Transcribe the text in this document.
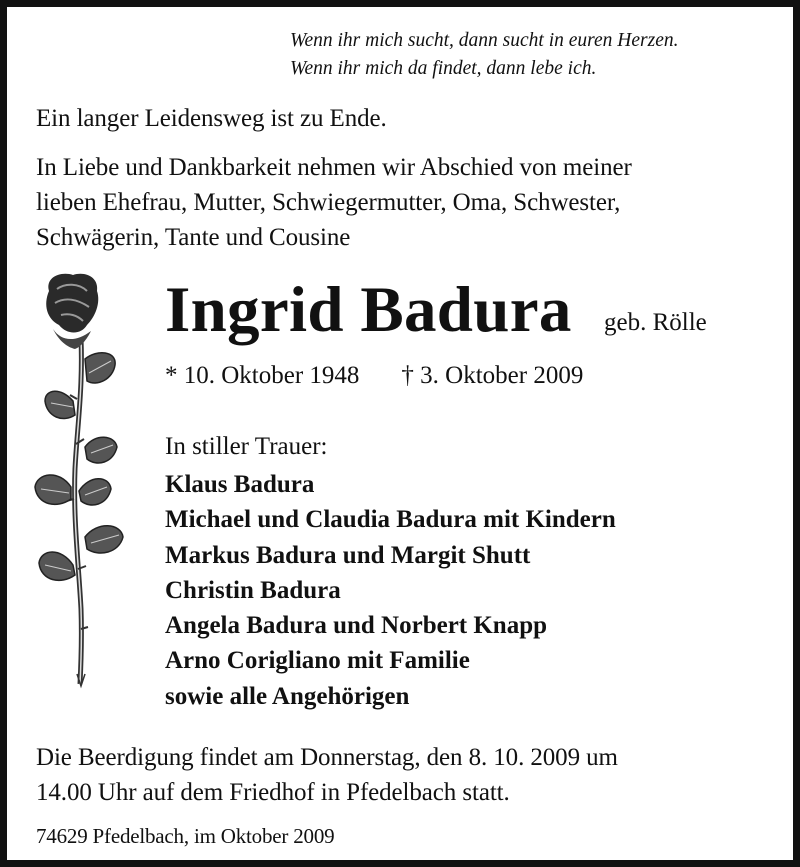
Wenn ihr mich sucht, dann sucht in euren Herzen.
Wenn ihr mich da findet, dann lebe ich.
Ein langer Leidensweg ist zu Ende.
In Liebe und Dankbarkeit nehmen wir Abschied von meiner
lieben Ehefrau, Mutter, Schwiegermutter, Oma, Schwester,
Schwägerin, Tante und Cousine
Ingrid Badura geb. Rölle
* 10. Oktober 1948 † 3. Oktober 2009
In stiller Trauer:
Klaus Badura
Michael und Claudia Badura mit Kindern
Markus Badura und Margit Shutt
Christin Badura
Angela Badura und Norbert Knapp
Arno Corigliano mit Familie
sowie alle Angehörigen
Die Beerdigung findet am Donnerstag, den 8. 10. 2009 um
14.00 Uhr auf dem Friedhof in Pfedelbach statt.
74629 Pfedelbach, im Oktober 2009
